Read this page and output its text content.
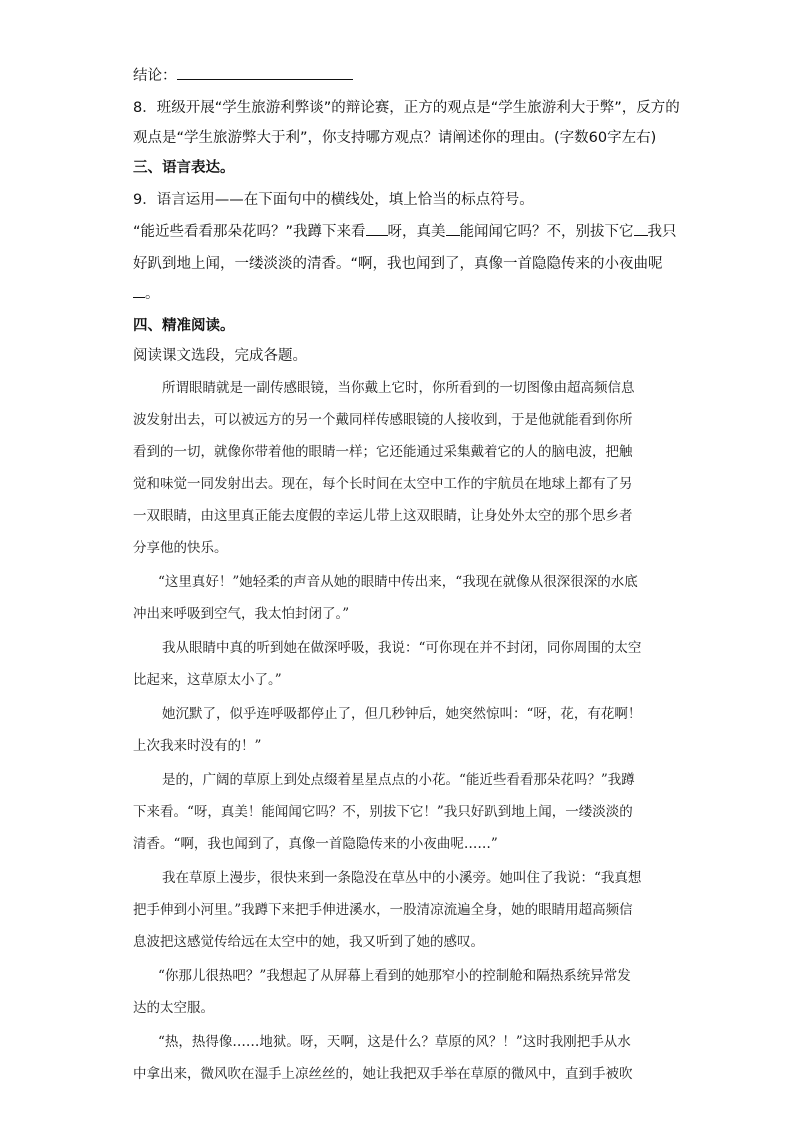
结论：
8．班级开展“学生旅游利弊谈”的辩论赛，正方的观点是“学生旅游利大于弊”，反方的
观点是“学生旅游弊大于利”，你支持哪方观点？请阐述你的理由。(字数60字左右)
三、语言表达。
9．语言运用——在下面句中的横线处，填上恰当的标点符号。
“能近些看看那朵花吗？”我蹲下来看 呀，真美 能闻闻它吗？不，别拔下它 我只
好趴到地上闻，一缕淡淡的清香。“啊，我也闻到了，真像一首隐隐传来的小夜曲呢
。
四、精准阅读。
阅读课文选段，完成各题。
所谓眼睛就是一副传感眼镜，当你戴上它时，你所看到的一切图像由超高频信息
波发射出去，可以被远方的另一个戴同样传感眼镜的人接收到，于是他就能看到你所
看到的一切，就像你带着他的眼睛一样；它还能通过采集戴着它的人的脑电波，把触
觉和味觉一同发射出去。现在，每个长时间在太空中工作的宇航员在地球上都有了另
一双眼睛，由这里真正能去度假的幸运儿带上这双眼睛，让身处外太空的那个思乡者
分享他的快乐。
“这里真好！”她轻柔的声音从她的眼睛中传出来，“我现在就像从很深很深的水底
冲出来呼吸到空气，我太怕封闭了。”
我从眼睛中真的听到她在做深呼吸，我说：“可你现在并不封闭，同你周围的太空
比起来，这草原太小了。”
她沉默了，似乎连呼吸都停止了，但几秒钟后，她突然惊叫：“呀，花，有花啊！
上次我来时没有的！”
是的，广阔的草原上到处点缀着星星点点的小花。“能近些看看那朵花吗？”我蹲
下来看。“呀，真美！能闻闻它吗？不，别拔下它！”我只好趴到地上闻，一缕淡淡的
清香。“啊，我也闻到了，真像一首隐隐传来的小夜曲呢……”
我在草原上漫步，很快来到一条隐没在草丛中的小溪旁。她叫住了我说：“我真想
把手伸到小河里。”我蹲下来把手伸进溪水，一股清凉流遍全身，她的眼睛用超高频信
息波把这感觉传给远在太空中的她，我又听到了她的感叹。
“你那儿很热吧？”我想起了从屏幕上看到的她那窄小的控制舱和隔热系统异常发
达的太空服。
“热，热得像……地狱。呀，天啊，这是什么？草原的风？！”这时我刚把手从水
中拿出来，微风吹在湿手上凉丝丝的，她让我把双手举在草原的微风中，直到手被吹
